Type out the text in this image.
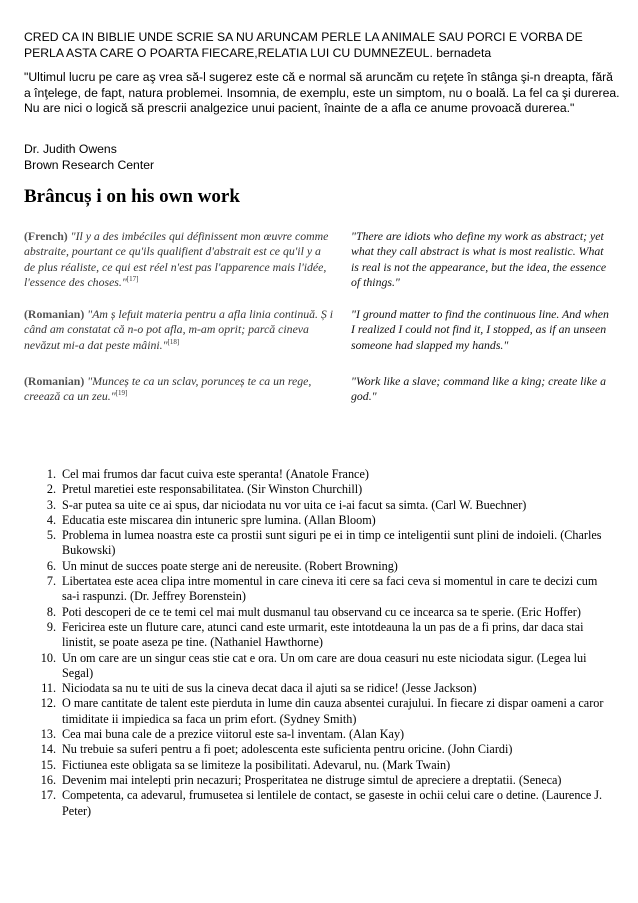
CRED CA IN BIBLIE UNDE SCRIE SA NU ARUNCAM PERLE LA ANIMALE SAU PORCI E VORBA DE PERLA ASTA CARE O POARTA FIECARE,RELATIA LUI CU DUMNEZEUL. bernadeta

"Ultimul lucru pe care aş vrea să-l sugerez este că e normal să aruncăm cu reţete în stânga şi-n dreapta, fără a înţelege, de fapt, natura problemei. Insomnia, de exemplu, este un simptom, nu o boală. La fel ca şi durerea. Nu are nici o logică să prescrii analgezice unui pacient, înainte de a afla ce anume provoacă durerea."

Dr. Judith Owens
Brown Research Center

Brâncuș i on his own work
(French) "Il y a des imbéciles qui définissent mon œuvre comme abstraite, pourtant ce qu'ils qualifient d'abstrait est ce qu'il y a de plus réaliste, ce qui est réel n'est pas l'apparence mais l'idée, l'essence des choses."[17]
"There are idiots who define my work as abstract; yet what they call abstract is what is most realistic. What is real is not the appearance, but the idea, the essence of things."
(Romanian) "Am ș lefuit materia pentru a afla linia continuă. Ș i când am constatat că n-o pot afla, m-am oprit; parcă cineva nevăzut mi-a dat peste mâini."[18]
"I ground matter to find the continuous line. And when I realized I could not find it, I stopped, as if an unseen someone had slapped my hands."
(Romanian) "Munceș te ca un sclav, porunceș te ca un rege, creează ca un zeu."[19]
"Work like a slave; command like a king; create like a god."
1. Cel mai frumos dar facut cuiva este speranta! (Anatole France)
2. Pretul maretiei este responsabilitatea. (Sir Winston Churchill)
3. S-ar putea sa uite ce ai spus, dar niciodata nu vor uita ce i-ai facut sa simta. (Carl W. Buechner)
4. Educatia este miscarea din intuneric spre lumina. (Allan Bloom)
5. Problema in lumea noastra este ca prostii sunt siguri pe ei in timp ce inteligentii sunt plini de indoieli. (Charles Bukowski)
6. Un minut de succes poate sterge ani de nereusite. (Robert Browning)
7. Libertatea este acea clipa intre momentul in care cineva iti cere sa faci ceva si momentul in care te decizi cum sa-i raspunzi. (Dr. Jeffrey Borenstein)
8. Poti descoperi de ce te temi cel mai mult dusmanul tau observand cu ce incearca sa te sperie. (Eric Hoffer)
9. Fericirea este un fluture care, atunci cand este urmarit, este intotdeauna la un pas de a fi prins, dar daca stai linistit, se poate aseza pe tine. (Nathaniel Hawthorne)
10. Un om care are un singur ceas stie cat e ora. Un om care are doua ceasuri nu este niciodata sigur. (Legea lui Segal)
11. Niciodata sa nu te uiti de sus la cineva decat daca il ajuti sa se ridice! (Jesse Jackson)
12. O mare cantitate de talent este pierduta in lume din cauza absentei curajului. In fiecare zi dispar oameni a caror timiditate ii impiedica sa faca un prim efort. (Sydney Smith)
13. Cea mai buna cale de a prezice viitorul este sa-l inventam. (Alan Kay)
14. Nu trebuie sa suferi pentru a fi poet; adolescenta este suficienta pentru oricine. (John Ciardi)
15. Fictiunea este obligata sa se limiteze la posibilitati. Adevarul, nu. (Mark Twain)
16. Devenim mai intelepti prin necazuri; Prosperitatea ne distruge simtul de apreciere a dreptatii. (Seneca)
17. Competenta, ca adevarul, frumusetea si lentilele de contact, se gaseste in ochii celui care o detine. (Laurence J. Peter)
